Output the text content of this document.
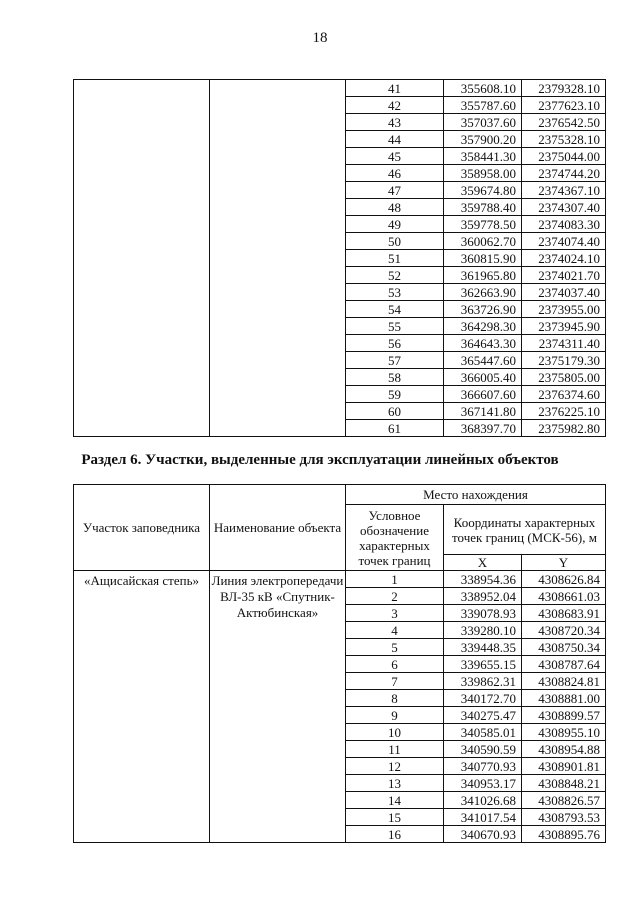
18
		41	355608.10	2379328.10
		42	355787.60	2377623.10
		43	357037.60	2376542.50
		44	357900.20	2375328.10
		45	358441.30	2375044.00
		46	358958.00	2374744.20
		47	359674.80	2374367.10
		48	359788.40	2374307.40
		49	359778.50	2374083.30
		50	360062.70	2374074.40
		51	360815.90	2374024.10
		52	361965.80	2374021.70
		53	362663.90	2374037.40
		54	363726.90	2373955.00
		55	364298.30	2373945.90
		56	364643.30	2374311.40
		57	365447.60	2375179.30
		58	366005.40	2375805.00
		59	366607.60	2376374.60
		60	367141.80	2376225.10
		61	368397.70	2375982.80
Раздел 6. Участки, выделенные для эксплуатации линейных объектов
Участок заповедника	Наименование объекта	Место нахождения		
		Условное обозначение характерных точек границ	Координаты характерных точек границ (МСК-56), м	
			X	Y
«Ащисайская степь»	Линия электропередачи ВЛ-35 кВ «Спутник-Актюбинская»	1	338954.36	4308626.84
		2	338952.04	4308661.03
		3	339078.93	4308683.91
		4	339280.10	4308720.34
		5	339448.35	4308750.34
		6	339655.15	4308787.64
		7	339862.31	4308824.81
		8	340172.70	4308881.00
		9	340275.47	4308899.57
		10	340585.01	4308955.10
		11	340590.59	4308954.88
		12	340770.93	4308901.81
		13	340953.17	4308848.21
		14	341026.68	4308826.57
		15	341017.54	4308793.53
		16	340670.93	4308895.76
